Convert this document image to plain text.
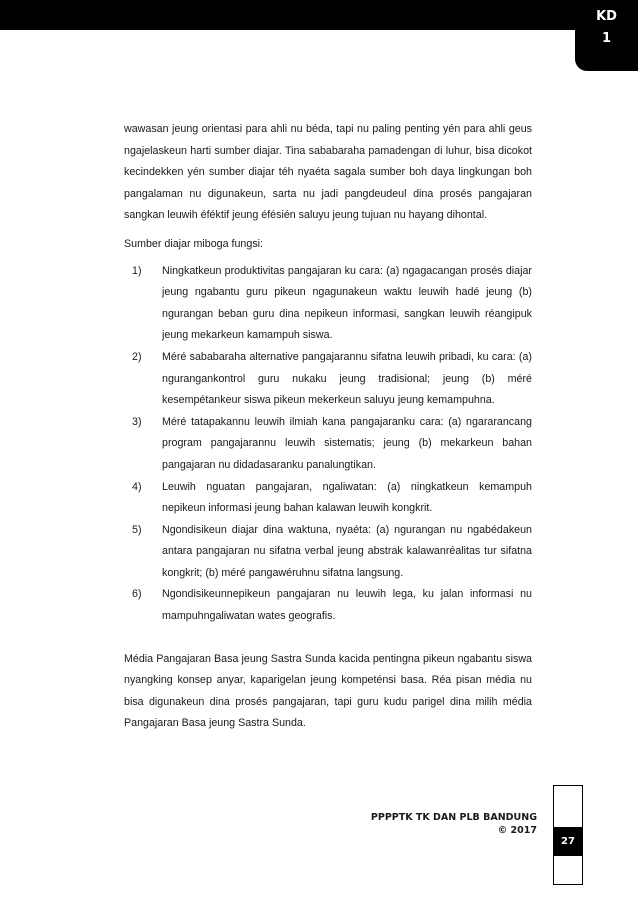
KD
1

wawasan jeung orientasi para ahli nu béda, tapi nu paling penting yén para ahli geus ngajelaskeun harti sumber diajar. Tina sababaraha pamadengan di luhur, bisa dicokot kecindekken yén sumber diajar téh nyaéta sagala sumber boh daya lingkungan boh pangalaman nu digunakeun, sarta nu jadi pangdeudeul dina prosés pangajaran sangkan leuwih éféktif jeung éfésién saluyu jeung tujuan nu hayang dihontal.

Sumber diajar miboga fungsi:

1) Ningkatkeun produktivitas pangajaran ku cara: (a) ngagacangan prosés diajar jeung ngabantu guru pikeun ngagunakeun waktu leuwih hadé jeung (b) ngurangan beban guru dina nepikeun informasi, sangkan leuwih réangipuk jeung mekarkeun kamampuh siswa.
2) Méré sababaraha alternative pangajarannu sifatna leuwih pribadi, ku cara: (a) ngurangankontrol guru nukaku jeung tradisional; jeung (b) méré kesempétankeur siswa pikeun mekerkeun saluyu jeung kemampuhna.
3) Méré tatapakannu leuwih ilmiah kana pangajaranku cara: (a) ngararancang program pangajarannu leuwih sistematis; jeung (b) mekarkeun bahan pangajaran nu didadasaranku panalungtikan.
4) Leuwih nguatan pangajaran, ngaliwatan: (a) ningkatkeun kemampuh nepikeun informasi jeung bahan kalawan leuwih kongkrit.
5) Ngondisikeun diajar dina waktuna, nyaéta: (a) ngurangan nu ngabédakeun antara pangajaran nu sifatna verbal jeung abstrak kalawanréalitas tur sifatna kongkrit; (b) méré pangawéruhnu sifatna langsung.
6) Ngondisikeunnepikeun pangajaran nu leuwih lega, ku jalan informasi nu mampuhngaliwatan wates geografis.

Média Pangajaran Basa jeung Sastra Sunda kacida pentingna pikeun ngabantu siswa nyangking konsep anyar, kaparigelan jeung kompeténsi basa. Réa pisan média nu bisa digunakeun dina prosés pangajaran, tapi guru kudu parigel dina milih média Pangajaran Basa jeung Sastra Sunda.

PPPPTK TK DAN PLB BANDUNG
© 2017
27
